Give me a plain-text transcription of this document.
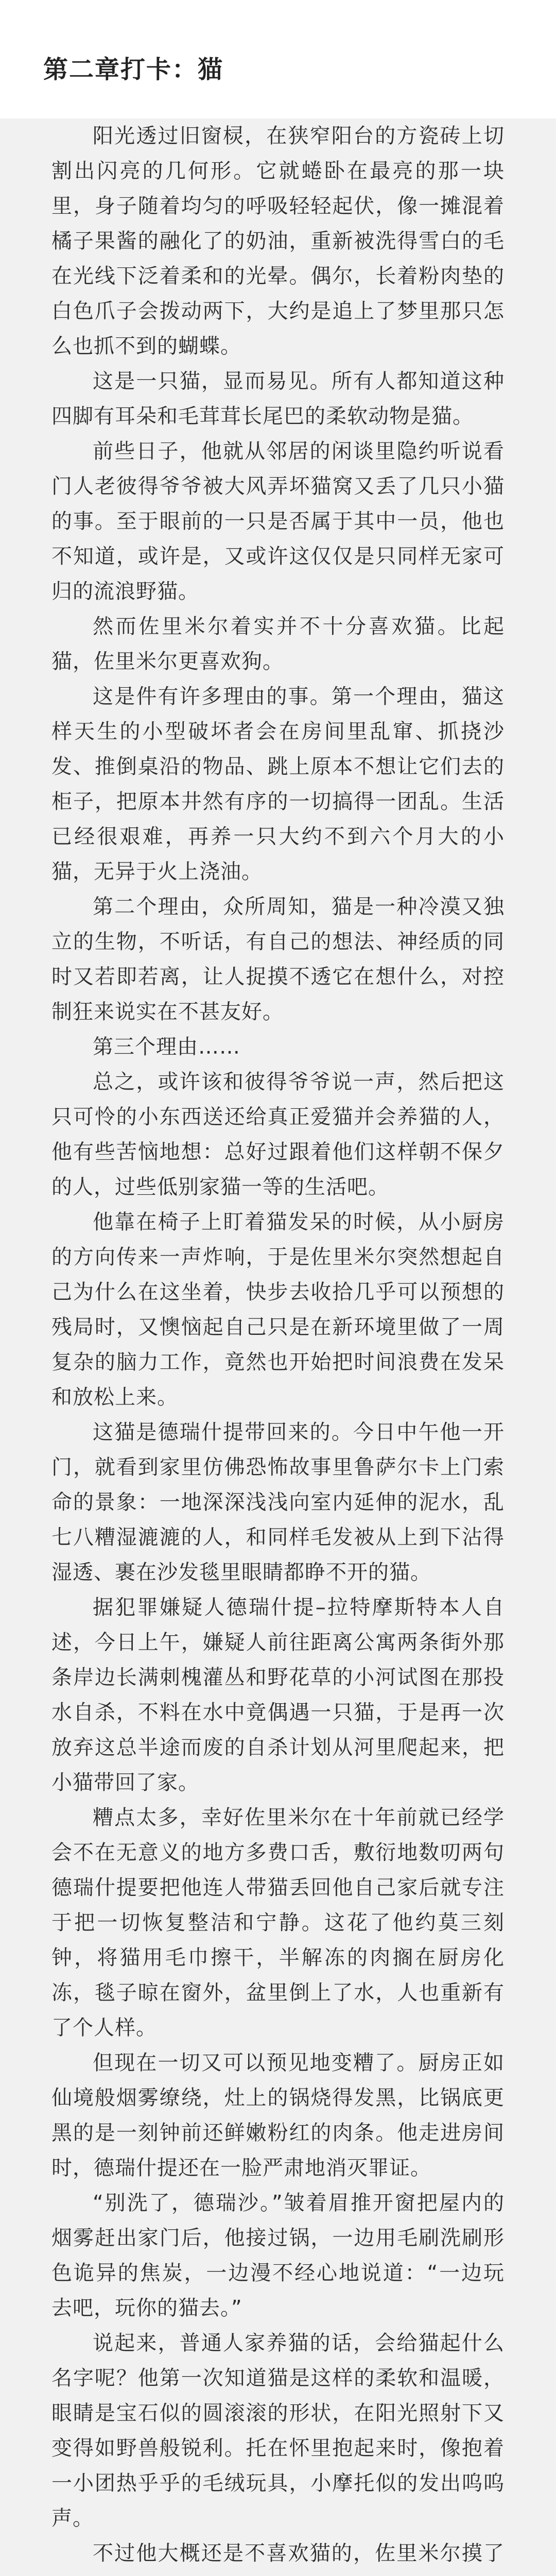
第二章打卡：猫

阳光透过旧窗棂，在狭窄阳台的方瓷砖上切割出闪亮的几何形。它就蜷卧在最亮的那一块里，身子随着均匀的呼吸轻轻起伏，像一摊混着橘子果酱的融化了的奶油，重新被洗得雪白的毛在光线下泛着柔和的光晕。偶尔，长着粉肉垫的白色爪子会拨动两下，大约是追上了梦里那只怎么也抓不到的蝴蝶。

这是一只猫，显而易见。所有人都知道这种四脚有耳朵和毛茸茸长尾巴的柔软动物是猫。

前些日子，他就从邻居的闲谈里隐约听说看门人老彼得爷爷被大风弄坏猫窝又丢了几只小猫的事。至于眼前的一只是否属于其中一员，他也不知道，或许是，又或许这仅仅是只同样无家可归的流浪野猫。

然而佐里米尔着实并不十分喜欢猫。比起猫，佐里米尔更喜欢狗。

这是件有许多理由的事。第一个理由，猫这样天生的小型破坏者会在房间里乱窜、抓挠沙发、推倒桌沿的物品、跳上原本不想让它们去的柜子，把原本井然有序的一切搞得一团乱。生活已经很艰难，再养一只大约不到六个月大的小猫，无异于火上浇油。

第二个理由，众所周知，猫是一种冷漠又独立的生物，不听话，有自己的想法、神经质的同时又若即若离，让人捉摸不透它在想什么，对控制狂来说实在不甚友好。

第三个理由……

总之，或许该和彼得爷爷说一声，然后把这只可怜的小东西送还给真正爱猫并会养猫的人，他有些苦恼地想：总好过跟着他们这样朝不保夕的人，过些低别家猫一等的生活吧。

他靠在椅子上盯着猫发呆的时候，从小厨房的方向传来一声炸响，于是佐里米尔突然想起自己为什么在这坐着，快步去收拾几乎可以预想的残局时，又懊恼起自己只是在新环境里做了一周复杂的脑力工作，竟然也开始把时间浪费在发呆和放松上来。

这猫是德瑞什提带回来的。今日中午他一开门，就看到家里仿佛恐怖故事里鲁萨尔卡上门索命的景象：一地深深浅浅向室内延伸的泥水，乱七八糟湿漉漉的人，和同样毛发被从上到下沾得湿透、裹在沙发毯里眼睛都睁不开的猫。

据犯罪嫌疑人德瑞什提–拉特摩斯特本人自述，今日上午，嫌疑人前往距离公寓两条街外那条岸边长满刺槐灌丛和野花草的小河试图在那投水自杀，不料在水中竟偶遇一只猫，于是再一次放弃这总半途而废的自杀计划从河里爬起来，把小猫带回了家。

糟点太多，幸好佐里米尔在十年前就已经学会不在无意义的地方多费口舌，敷衍地数叨两句德瑞什提要把他连人带猫丢回他自己家后就专注于把一切恢复整洁和宁静。这花了他约莫三刻钟，将猫用毛巾擦干，半解冻的肉搁在厨房化冻，毯子晾在窗外，盆里倒上了水，人也重新有了个人样。

但现在一切又可以预见地变糟了。厨房正如仙境般烟雾缭绕，灶上的锅烧得发黑，比锅底更黑的是一刻钟前还鲜嫩粉红的肉条。他走进房间时，德瑞什提还在一脸严肃地消灭罪证。

“别洗了，德瑞沙。”皱着眉推开窗把屋内的烟雾赶出家门后，他接过锅，一边用毛刷洗刷形色诡异的焦炭，一边漫不经心地说道：“一边玩去吧，玩你的猫去。”

说起来，普通人家养猫的话，会给猫起什么名字呢？他第一次知道猫是这样的柔软和温暖，眼睛是宝石似的圆滚滚的形状，在阳光照射下又变得如野兽般锐利。托在怀里抱起来时，像抱着一小团热乎乎的毛绒玩具，小摩托似的发出呜呜声。

不过他大概还是不喜欢猫的，佐里米尔摸了
